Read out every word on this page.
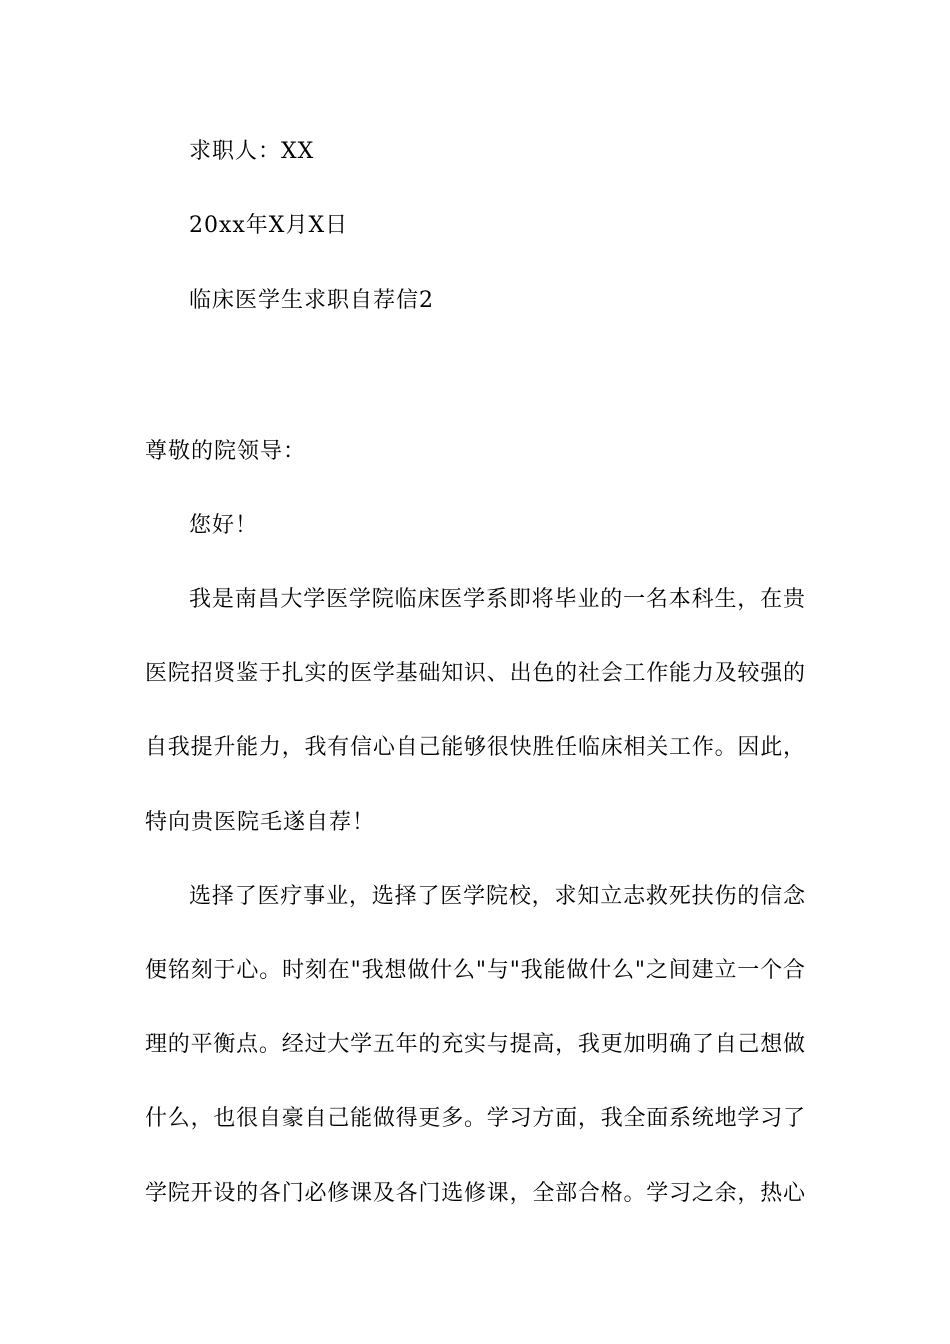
求职人：XX
20xx年X月X日
临床医学生求职自荐信2
尊敬的院领导：
您好！
我是南昌大学医学院临床医学系即将毕业的一名本科生，在贵
医院招贤鉴于扎实的医学基础知识、出色的社会工作能力及较强的
自我提升能力，我有信心自己能够很快胜任临床相关工作。因此，
特向贵医院毛遂自荐！
选择了医疗事业，选择了医学院校，求知立志救死扶伤的信念
便铭刻于心。时刻在"我想做什么"与"我能做什么"之间建立一个合
理的平衡点。经过大学五年的充实与提高，我更加明确了自己想做
什么，也很自豪自己能做得更多。学习方面，我全面系统地学习了
学院开设的各门必修课及各门选修课，全部合格。学习之余，热心
